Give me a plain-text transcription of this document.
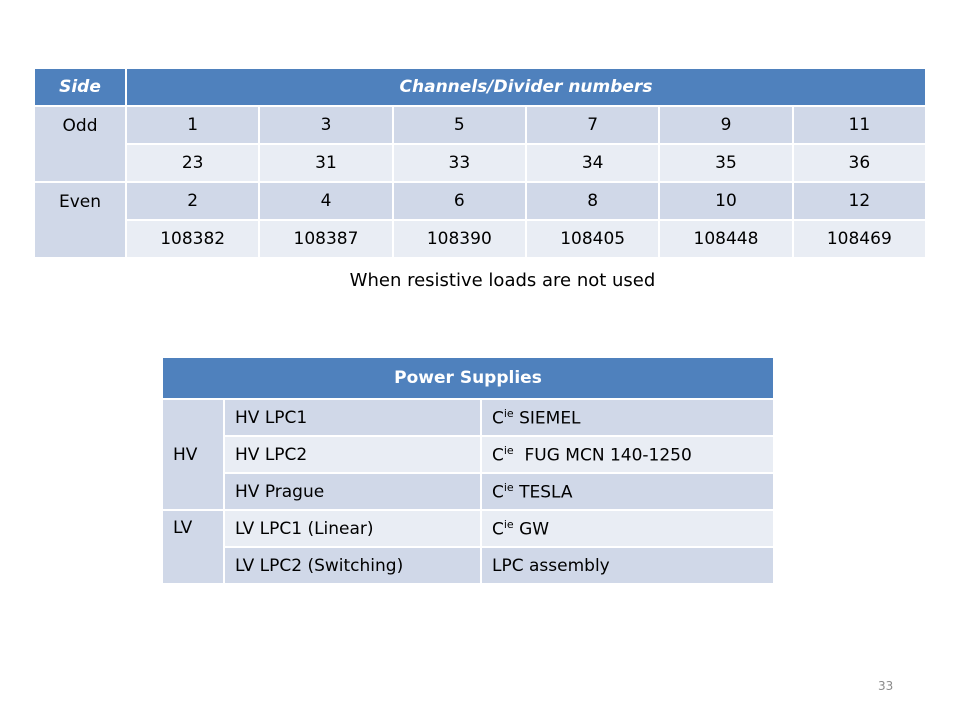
Side	Channels/Divider numbers					
Odd	1	3	5	7	9	11
	23	31	33	34	35	36
Even	2	4	6	8	10	12
	108382	108387	108390	108405	108448	108469
When resistive loads are not used
Power Supplies		
HV	HV LPC1	$C^{ie}$ SIEMEL
	HV LPC2	$C^{ie}$  FUG MCN 140-1250
	HV Prague	$C^{ie}$ TESLA
LV	LV LPC1 (Linear)	$C^{ie}$ GW
	LV LPC2 (Switching)	LPC assembly
33
